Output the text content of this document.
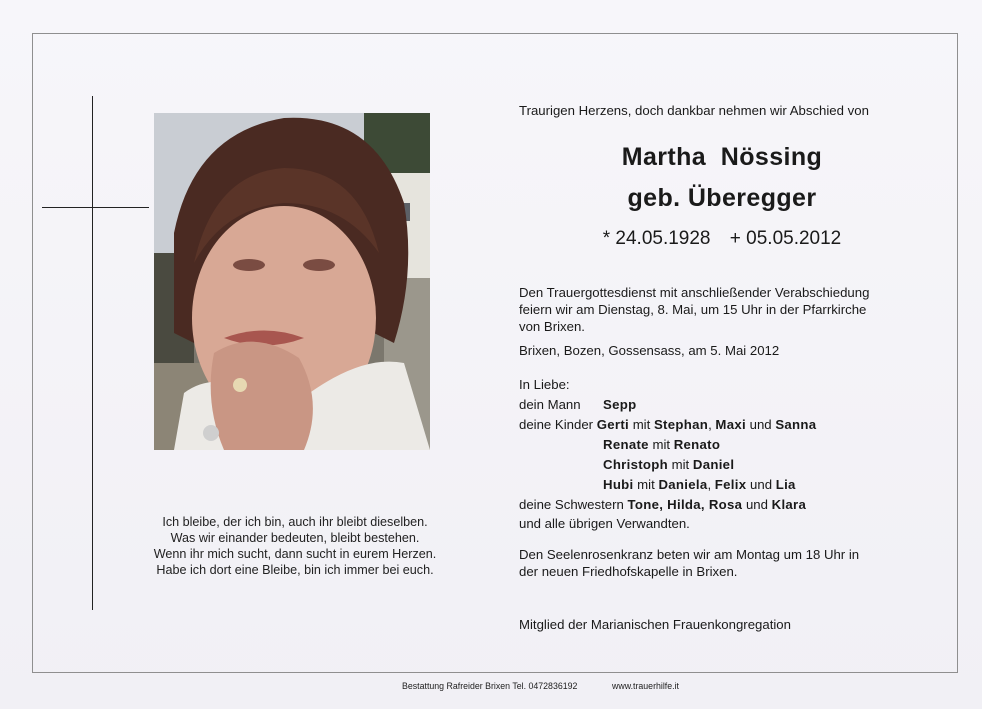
Ich bleibe, der ich bin, auch ihr bleibt dieselben.
Was wir einander bedeuten, bleibt bestehen.
Wenn ihr mich sucht, dann sucht in eurem Herzen.
Habe ich dort eine Bleibe, bin ich immer bei euch.
Traurigen Herzens, doch dankbar nehmen wir Abschied von
Martha  Nössing
geb. Überegger
* 24.05.1928 + 05.05.2012
Den Trauergottesdienst mit anschließender Verabschiedung
feiern wir am Dienstag, 8. Mai, um 15 Uhr in der Pfarrkirche
von Brixen.
Brixen, Bozen, Gossensass, am 5. Mai 2012
In Liebe:
dein Mann Sepp
deine Kinder Gerti mit Stephan, Maxi und Sanna
Renate mit Renato
Christoph mit Daniel
Hubi mit Daniela, Felix und Lia
deine Schwestern Tone, Hilda, Rosa und Klara
und alle übrigen Verwandten.
Den Seelenrosenkranz beten wir am Montag um 18 Uhr in
der neuen Friedhofskapelle in Brixen.
Mitglied der Marianischen Frauenkongregation
Bestattung Rafreider Brixen Tel. 0472836192	www.trauerhilfe.it
